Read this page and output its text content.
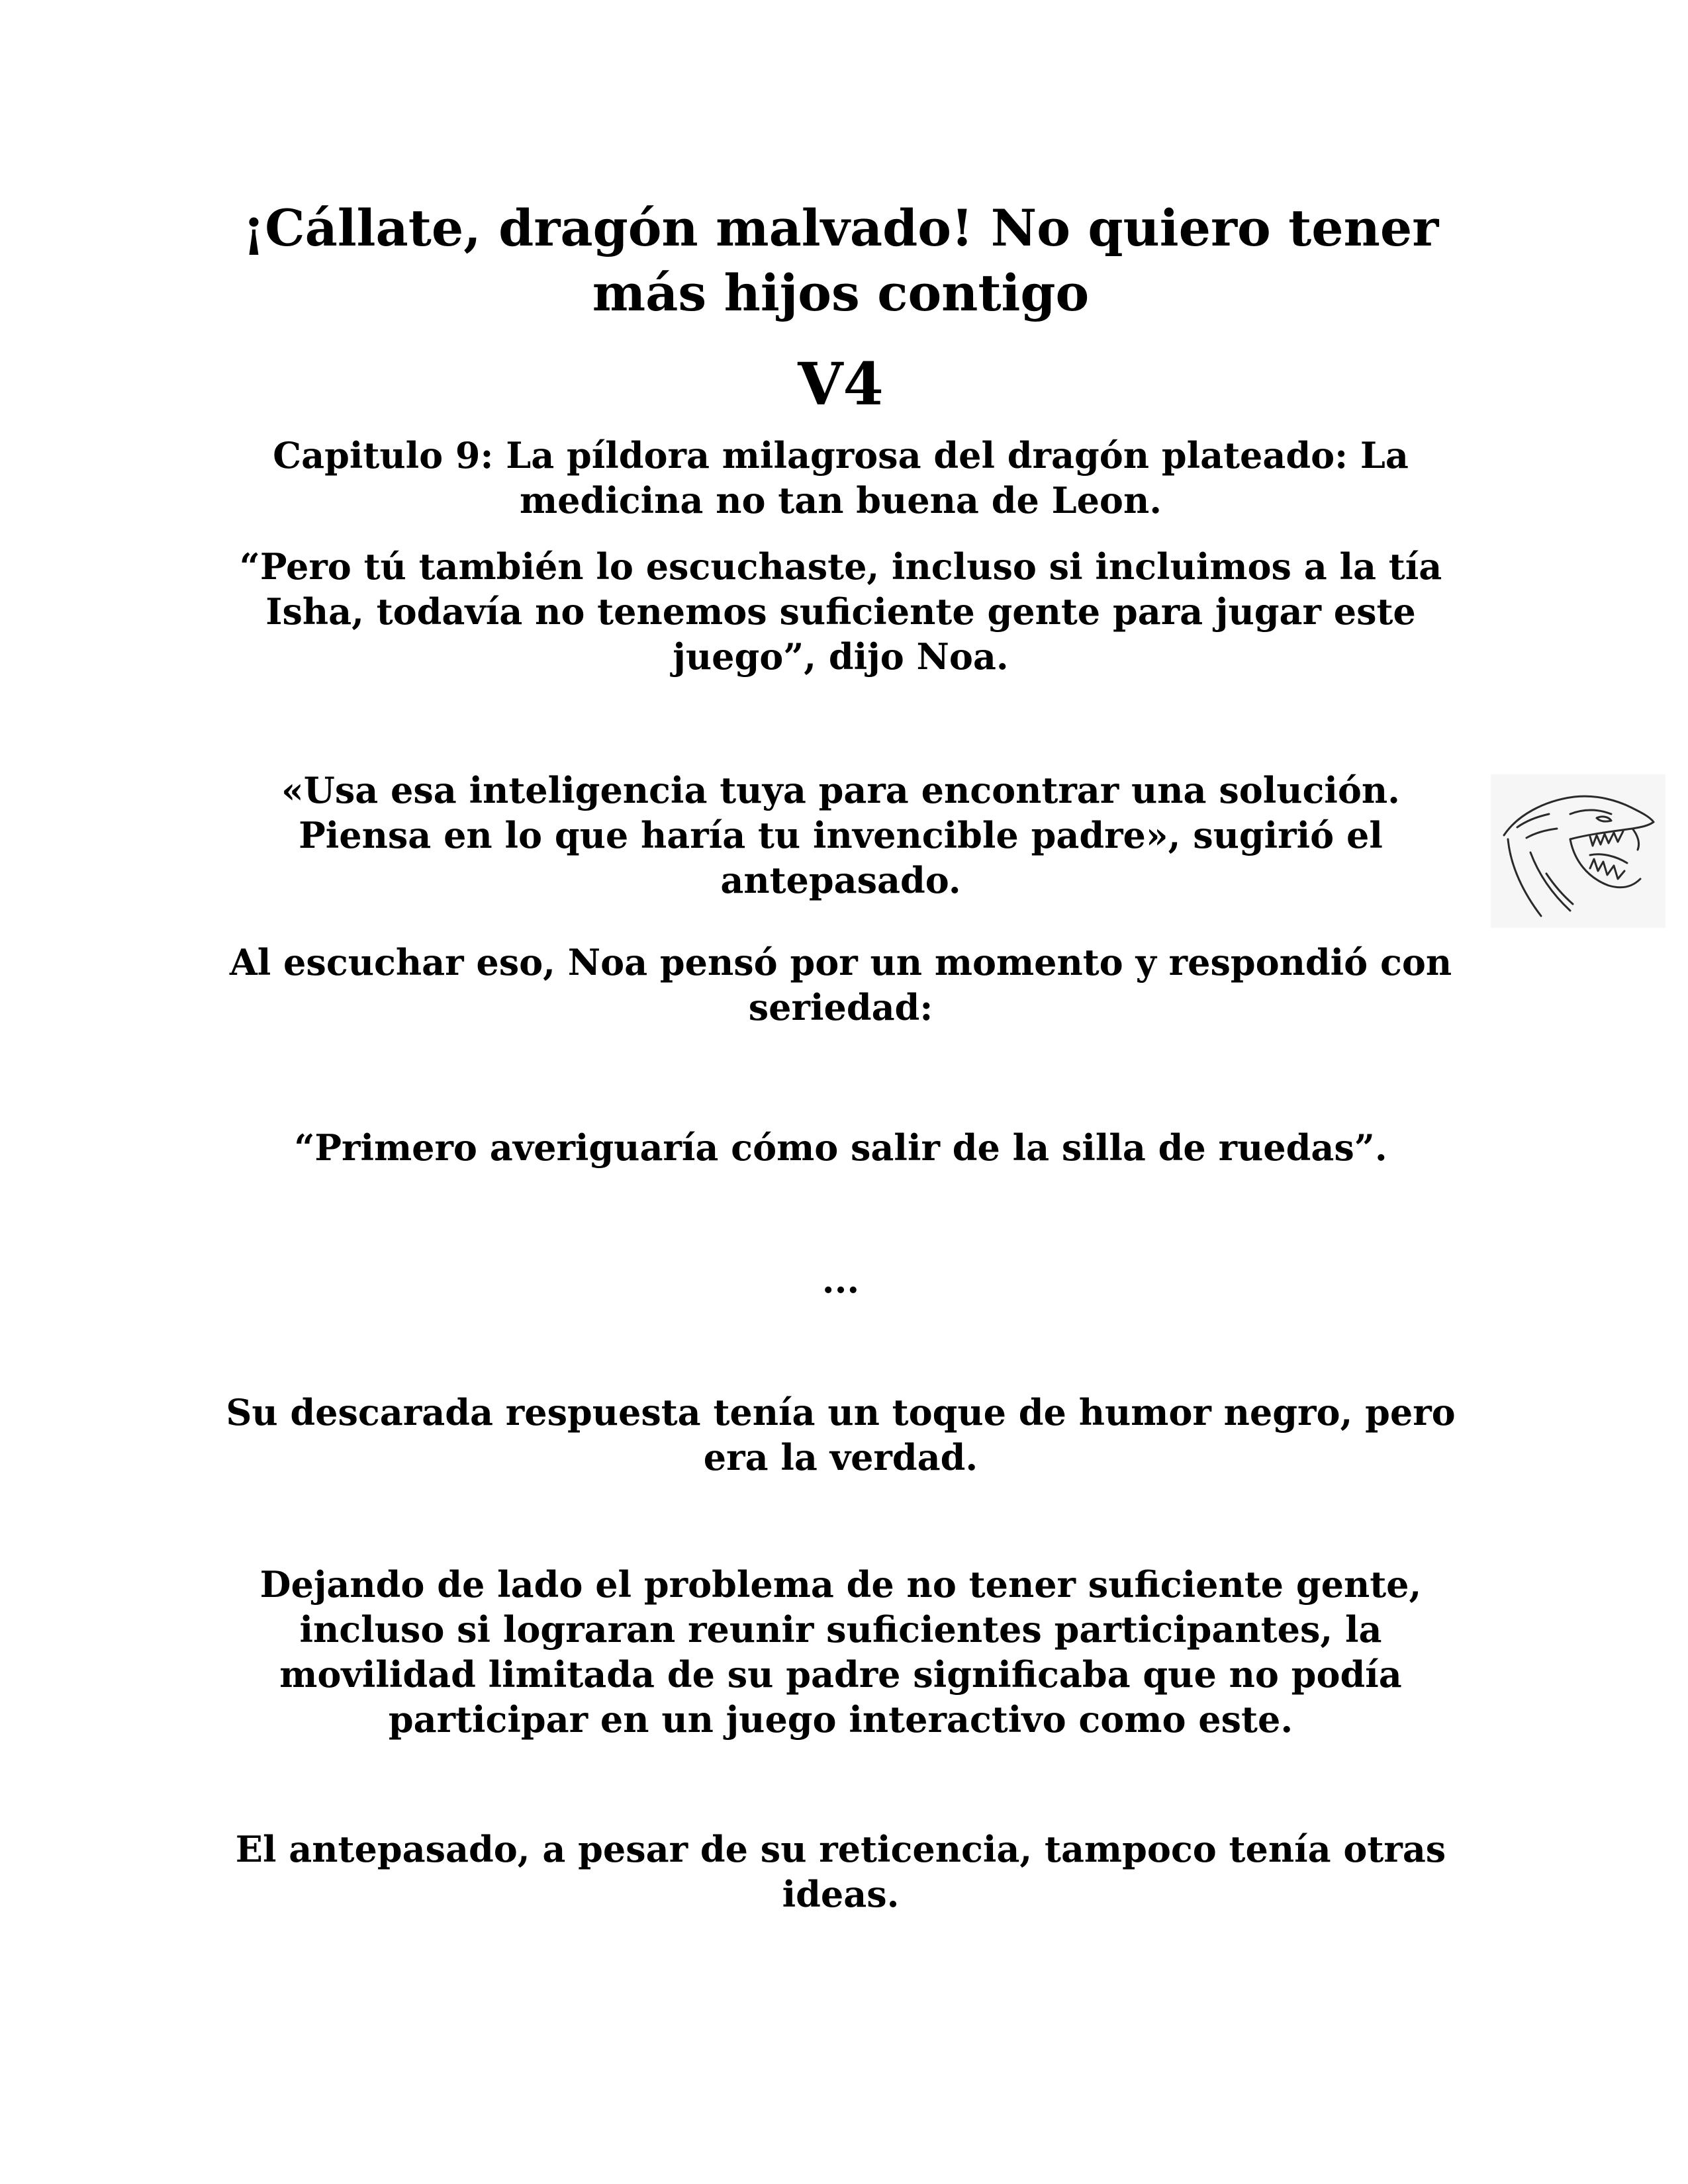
¡Cállate, dragón malvado! No quiero tener más hijos contigo
V4
Capitulo 9: La píldora milagrosa del dragón plateado: La medicina no tan buena de Leon.

“Pero tú también lo escuchaste, incluso si incluimos a la tía Isha, todavía no tenemos suficiente gente para jugar este juego”, dijo Noa.

«Usa esa inteligencia tuya para encontrar una solución. Piensa en lo que haría tu invencible padre», sugirió el antepasado.

Al escuchar eso, Noa pensó por un momento y respondió con seriedad:

“Primero averiguaría cómo salir de la silla de ruedas”.

...

Su descarada respuesta tenía un toque de humor negro, pero era la verdad.

Dejando de lado el problema de no tener suficiente gente, incluso si lograran reunir suficientes participantes, la movilidad limitada de su padre significaba que no podía participar en un juego interactivo como este.

El antepasado, a pesar de su reticencia, tampoco tenía otras ideas.
